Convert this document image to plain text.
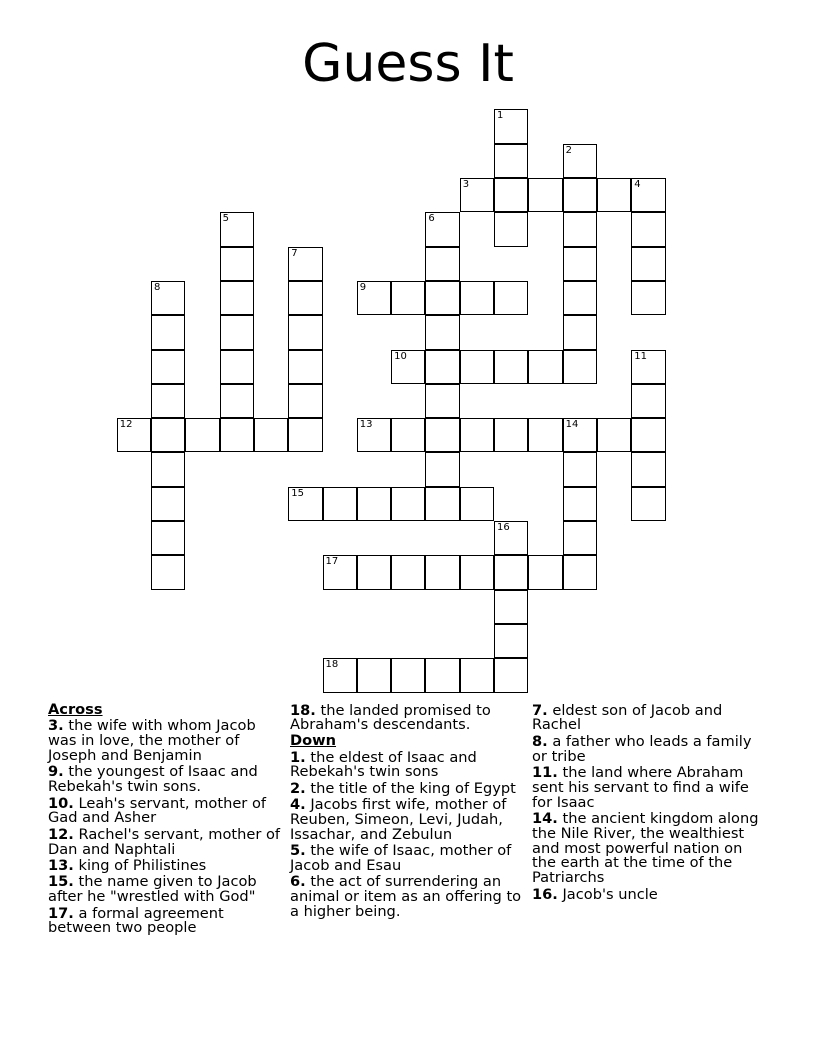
Guess It
1
2
3	4
5	6
7
8	9
10	11
12	13	14
15
16
17
18
Across
3. the wife with whom Jacob was in love, the mother of Joseph and Benjamin
9. the youngest of Isaac and Rebekah's twin sons.
10. Leah's servant, mother of Gad and Asher
12. Rachel's servant, mother of Dan and Naphtali
13. king of Philistines
15. the name given to Jacob after he "wrestled with God"
17. a formal agreement between two people
18. the landed promised to Abraham's descendants.
Down
1. the eldest of Isaac and Rebekah's twin sons
2. the title of the king of Egypt
4. Jacobs first wife, mother of Reuben, Simeon, Levi, Judah, Issachar, and Zebulun
5. the wife of Isaac, mother of Jacob and Esau
6. the act of surrendering an animal or item as an offering to a higher being.
7. eldest son of Jacob and Rachel
8. a father who leads a family or tribe
11. the land where Abraham sent his servant to find a wife for Isaac
14. the ancient kingdom along the Nile River, the wealthiest and most powerful nation on the earth at the time of the Patriarchs
16. Jacob's uncle
